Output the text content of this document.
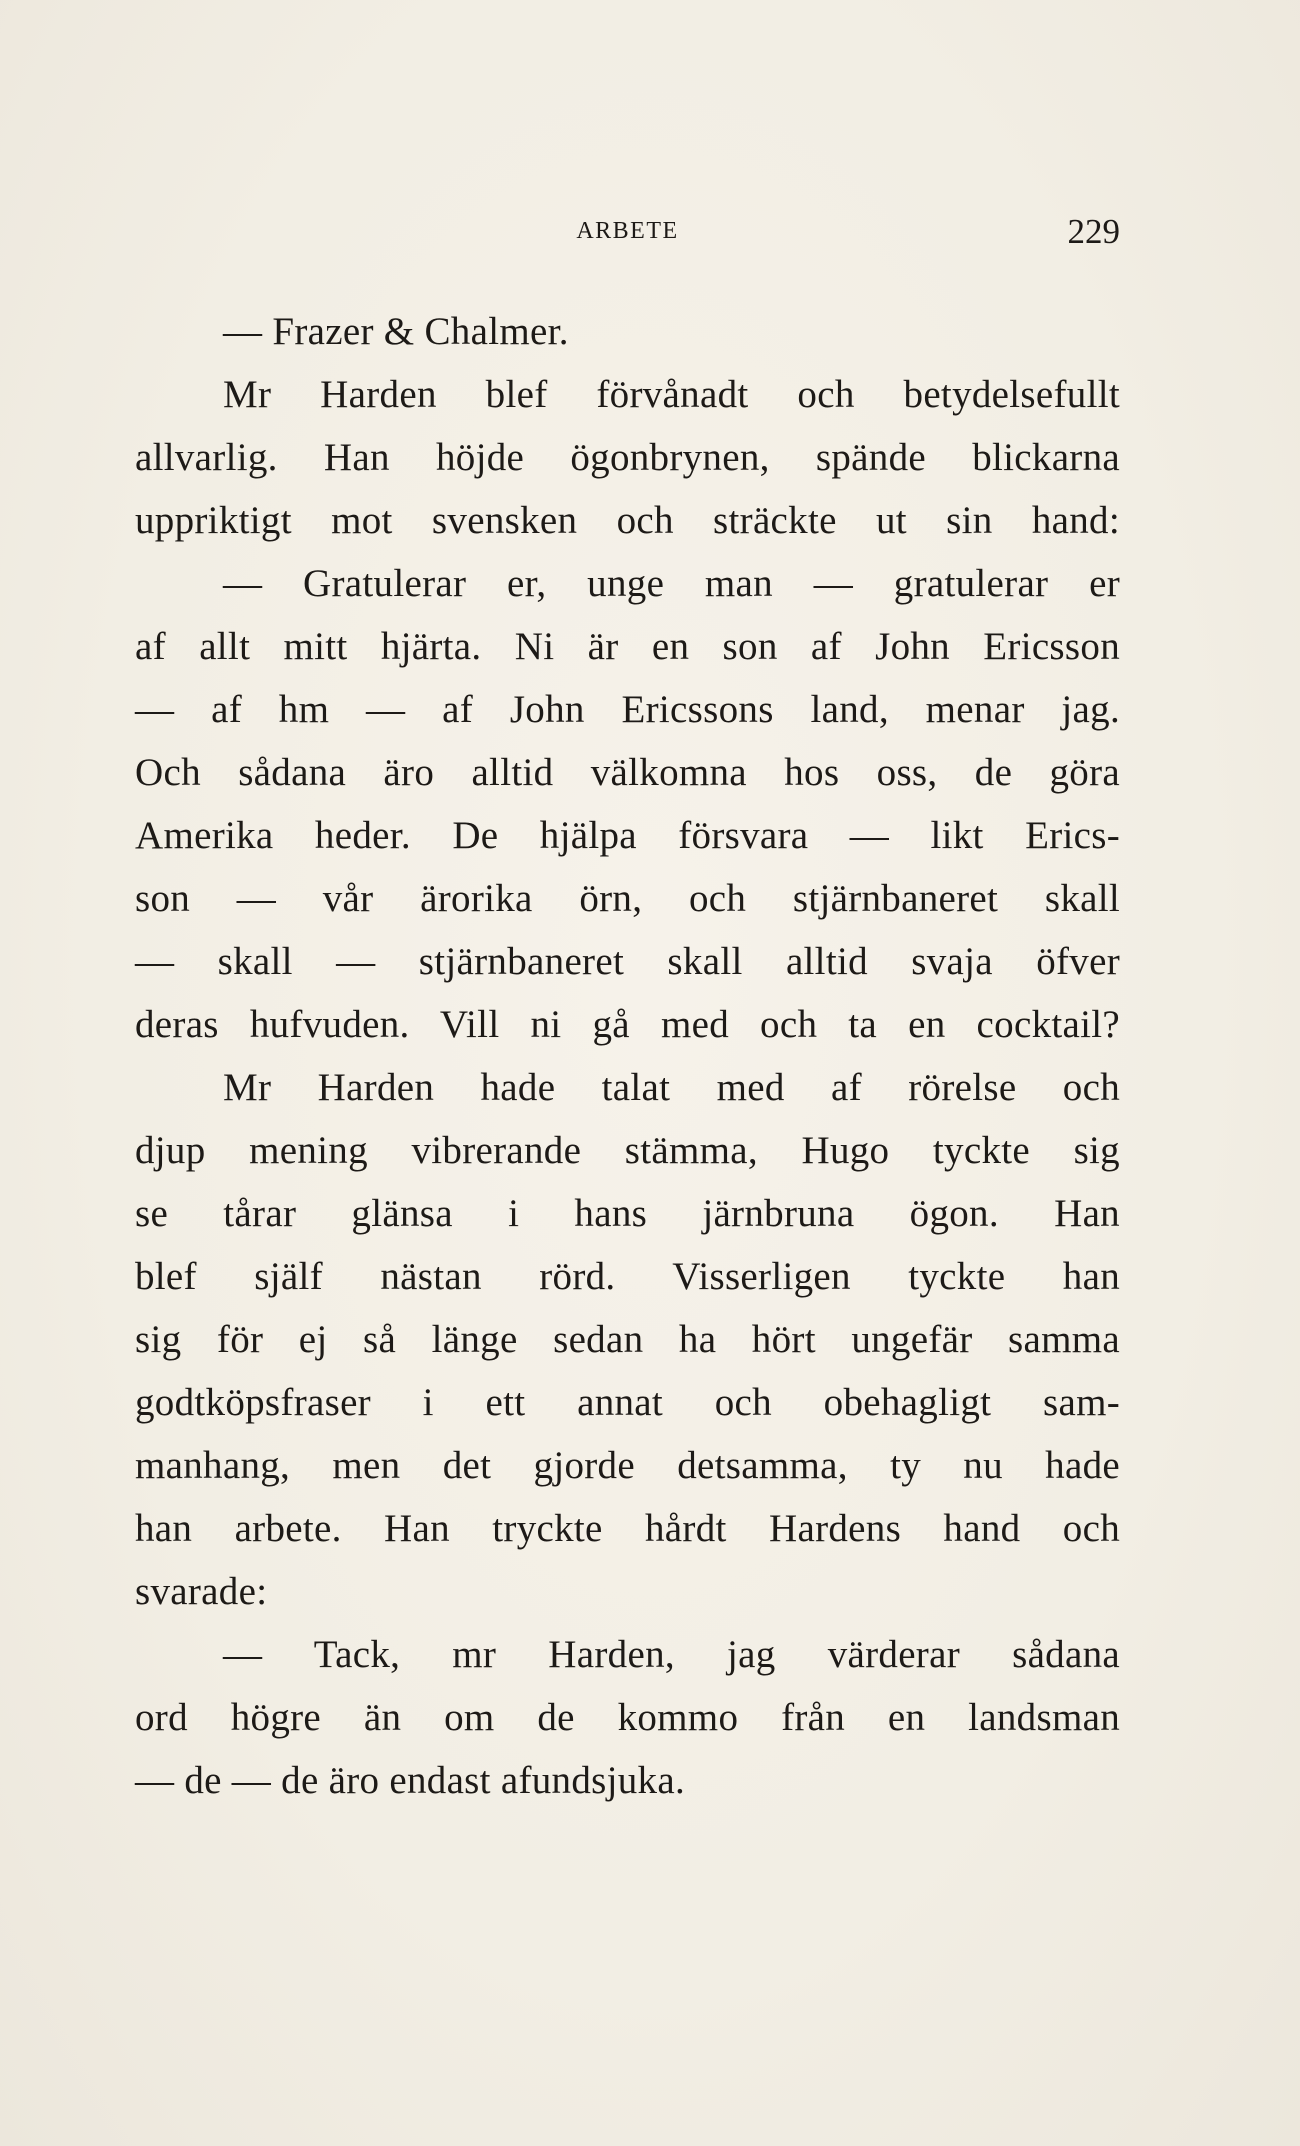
ARBETE	229
— Frazer & Chalmer.
Mr Harden blef förvånadt och betydelsefullt
allvarlig. Han höjde ögonbrynen, spände blickarna
uppriktigt mot svensken och sträckte ut sin hand:
— Gratulerar er, unge man — gratulerar er
af allt mitt hjärta. Ni är en son af John Ericsson
— af hm — af John Ericssons land, menar jag.
Och sådana äro alltid välkomna hos oss, de göra
Amerika heder. De hjälpa försvara — likt Erics-
son — vår ärorika örn, och stjärnbaneret skall
— skall — stjärnbaneret skall alltid svaja öfver
deras hufvuden. Vill ni gå med och ta en cocktail?
Mr Harden hade talat med af rörelse och
djup mening vibrerande stämma, Hugo tyckte sig
se tårar glänsa i hans järnbruna ögon. Han
blef själf nästan rörd. Visserligen tyckte han
sig för ej så länge sedan ha hört ungefär samma
godtköpsfraser i ett annat och obehagligt sam-
manhang, men det gjorde detsamma, ty nu hade
han arbete. Han tryckte hårdt Hardens hand och
svarade:
— Tack, mr Harden, jag värderar sådana
ord högre än om de kommo från en landsman
— de — de äro endast afundsjuka.
